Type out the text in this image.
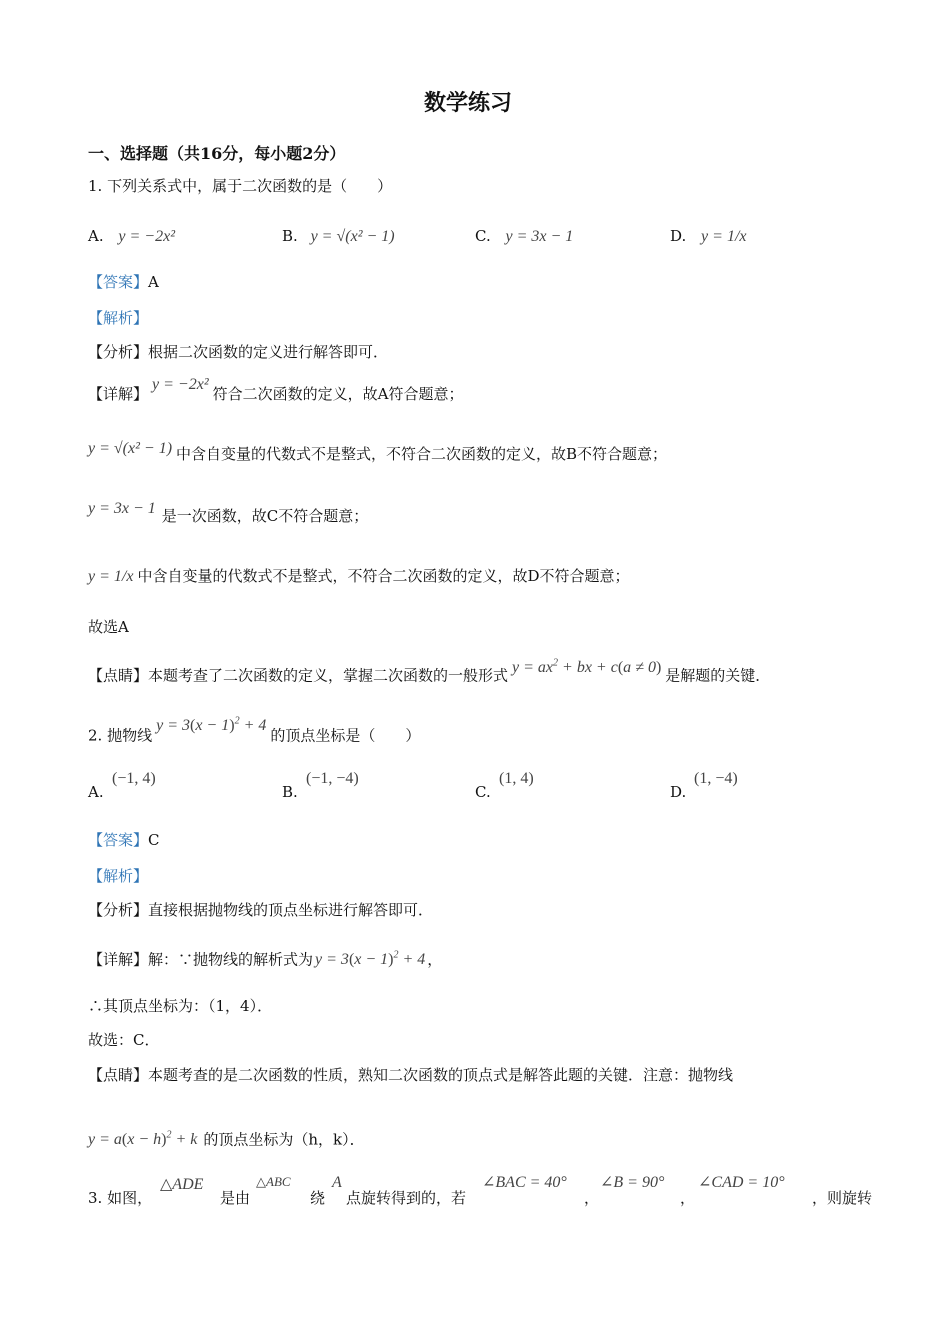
数学练习
一、选择题（共16分，每小题2分）
1. 下列关系式中，属于二次函数的是（　　）
A. y = −2x²	B. y = √(x² − 1)	C. y = 3x − 1	D. y = 1/x
【答案】A
【解析】
【分析】根据二次函数的定义进行解答即可．
【详解】y = −2x²符合二次函数的定义，故A符合题意；
y = √(x² − 1) 中含自变量的代数式不是整式，不符合二次函数的定义，故B不符合题意；
y = 3x − 1 是一次函数，故C不符合题意；
y = 1/x 中含自变量的代数式不是整式，不符合二次函数的定义，故D不符合题意；
故选A
【点睛】本题考查了二次函数的定义，掌握二次函数的一般形式 $y = ax^2$ + bx + c(a ≠ 0) 是解题的关键．
2. 抛物线$y = 3(x - 1)^2 + 4$的顶点坐标是（　　）
A.
(−1, 4)
B.
(−1, −4)
C.
(1, 4)
D.
(1, −4)
【答案】C
【解析】
【分析】直接根据抛物线的顶点坐标进行解答即可．
【详解】解：∵抛物线的解析式为 $y = 3(x - 1)^2 + 4$ ，
∴其顶点坐标为：（1，4）．
故选：C．
【点睛】本题考查的是二次函数的性质，熟知二次函数的顶点式是解答此题的关键．注意：抛物线
$y = a(x - h)^2 + k$ 的顶点坐标为（h，k）．
3. 如图，
△ADE
是由
△ABC
绕
A
点旋转得到的，若
∠BAC = 40°
，
∠B = 90°
，
∠CAD = 10°
，则旋转
